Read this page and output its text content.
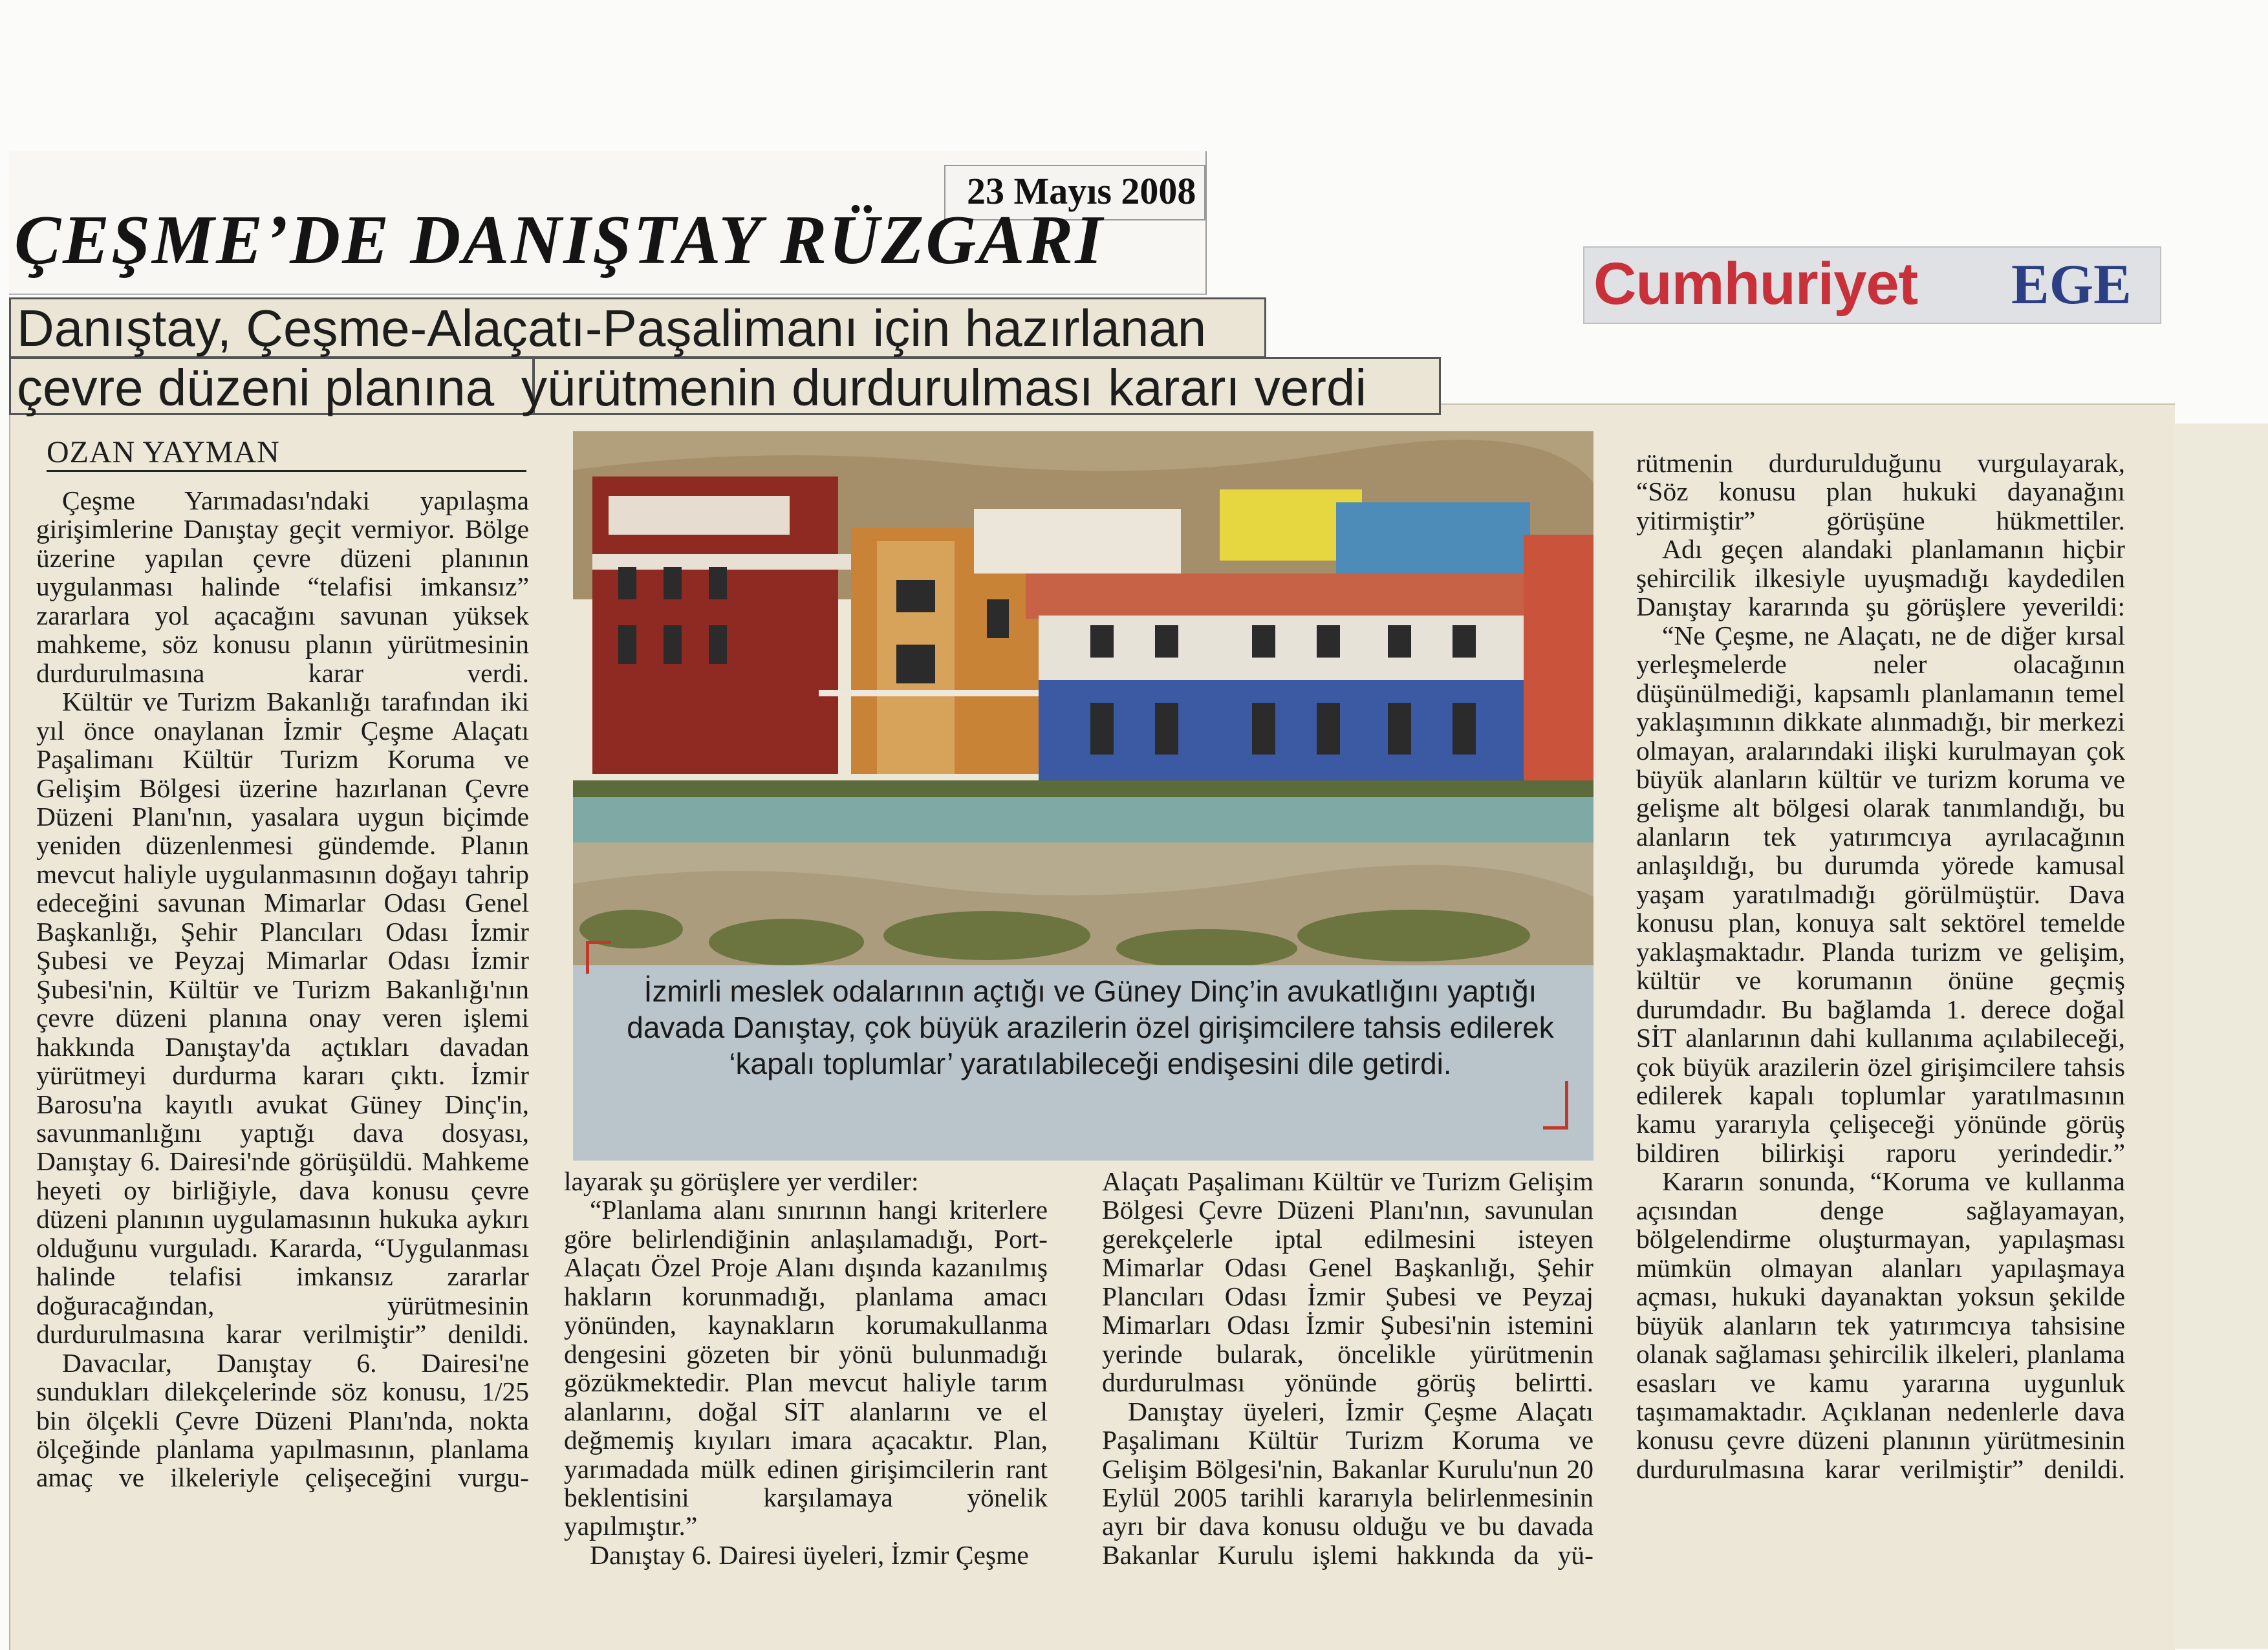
23 Mayıs 2008
ÇEŞME’DE DANIŞTAY RÜZGARI
Danıştay, Çeşme-Alaçatı-Paşalimanı için hazırlanan
çevre düzeni planına yürütmenin durdurulması kararı verdi
Cumhuriyet EGE
OZAN YAYMAN

Çeşme Yarımadası'ndaki yapılaşma girişimlerine Danıştay geçit vermiyor. Bölge üzerine yapılan çevre düzeni planının uygulanması halinde “telafisi imkansız” zararlara yol açacağını savunan yüksek mahkeme, söz konusu planın yürütmesinin durdurulmasına karar verdi.

Kültür ve Turizm Bakanlığı tarafından iki yıl önce onaylanan İzmir Çeşme Alaçatı Paşalimanı Kültür Turizm Koruma ve Gelişim Bölgesi üzerine hazırlanan Çevre Düzeni Planı'nın, yasalara uygun biçimde yeniden düzenlenmesi gündemde. Planın mevcut haliyle uygulanmasının doğayı tahrip edeceğini savunan Mimarlar Odası Genel Başkanlığı, Şehir Plancıları Odası İzmir Şubesi ve Peyzaj Mimarlar Odası İzmir Şubesi'nin, Kültür ve Turizm Bakanlığı'nın çevre düzeni planına onay veren işlemi hakkında Danıştay'da açtıkları davadan yürütmeyi durdurma kararı çıktı. İzmir Barosu'na kayıtlı avukat Güney Dinç'in, savunmanlığını yaptığı dava dosyası, Danıştay 6. Dairesi'nde görüşüldü. Mahkeme heyeti oy birliğiyle, dava konusu çevre düzeni planının uygulamasının hukuka aykırı olduğunu vurguladı. Kararda, “Uygulanması halinde telafisi imkansız zararlar doğuracağından, yürütmesinin durdurulmasına karar verilmiştir” denildi.

Davacılar, Danıştay 6. Dairesi'ne sundukları dilekçelerinde söz konusu, 1/25 bin ölçekli Çevre Düzeni Planı'nda, nokta ölçeğinde planlama yapılmasının, planlama amaç ve ilkeleriyle çelişeceğini vurgu-

İzmirli meslek odalarının açtığı ve Güney Dinç’in avukatlığını yaptığı davada Danıştay, çok büyük arazilerin özel girişimcilere tahsis edilerek ‘kapalı toplumlar’ yaratılabileceği endişesini dile getirdi.

layarak şu görüşlere yer verdiler:

“Planlama alanı sınırının hangi kriterlere göre belirlendiğinin anlaşılamadığı, Port-Alaçatı Özel Proje Alanı dışında kazanılmış hakların korunmadığı, planlama amacı yönünden, kaynakların korumakullanma dengesini gözeten bir yönü bulunmadığı gözükmektedir. Plan mevcut haliyle tarım alanlarını, doğal SİT alanlarını ve el değmemiş kıyıları imara açacaktır. Plan, yarımadada mülk edinen girişimcilerin rant beklentisini karşılamaya yönelik yapılmıştır.”

Danıştay 6. Dairesi üyeleri, İzmir Çeşme

Alaçatı Paşalimanı Kültür ve Turizm Gelişim Bölgesi Çevre Düzeni Planı'nın, savunulan gerekçelerle iptal edilmesini isteyen Mimarlar Odası Genel Başkanlığı, Şehir Plancıları Odası İzmir Şubesi ve Peyzaj Mimarları Odası İzmir Şubesi'nin istemini yerinde bularak, öncelikle yürütmenin durdurulması yönünde görüş belirtti.

Danıştay üyeleri, İzmir Çeşme Alaçatı Paşalimanı Kültür Turizm Koruma ve Gelişim Bölgesi'nin, Bakanlar Kurulu'nun 20 Eylül 2005 tarihli kararıyla belirlenmesinin ayrı bir dava konusu olduğu ve bu davada Bakanlar Kurulu işlemi hakkında da yü-

rütmenin durdurulduğunu vurgulayarak, “Söz konusu plan hukuki dayanağını yitirmiştir” görüşüne hükmettiler.

Adı geçen alandaki planlamanın hiçbir şehircilik ilkesiyle uyuşmadığı kaydedilen Danıştay kararında şu görüşlere yeverildi:

“Ne Çeşme, ne Alaçatı, ne de diğer kırsal yerleşmelerde neler olacağının düşünülmediği, kapsamlı planlamanın temel yaklaşımının dikkate alınmadığı, bir merkezi olmayan, aralarındaki ilişki kurulmayan çok büyük alanların kültür ve turizm koruma ve gelişme alt bölgesi olarak tanımlandığı, bu alanların tek yatırımcıya ayrılacağının anlaşıldığı, bu durumda yörede kamusal yaşam yaratılmadığı görülmüştür. Dava konusu plan, konuya salt sektörel temelde yaklaşmaktadır. Planda turizm ve gelişim, kültür ve korumanın önüne geçmiş durumdadır. Bu bağlamda 1. derece doğal SİT alanlarının dahi kullanıma açılabileceği, çok büyük arazilerin özel girişimcilere tahsis edilerek kapalı toplumlar yaratılmasının kamu yararıyla çelişeceği yönünde görüş bildiren bilirkişi raporu yerindedir.”

Kararın sonunda, “Koruma ve kullanma açısından denge sağlayamayan, bölgelendirme oluşturmayan, yapılaşması mümkün olmayan alanları yapılaşmaya açması, hukuki dayanaktan yoksun şekilde büyük alanların tek yatırımcıya tahsisine olanak sağlaması şehircilik ilkeleri, planlama esasları ve kamu yararına uygunluk taşımamaktadır. Açıklanan nedenlerle dava konusu çevre düzeni planının yürütmesinin durdurulmasına karar verilmiştir” denildi.
